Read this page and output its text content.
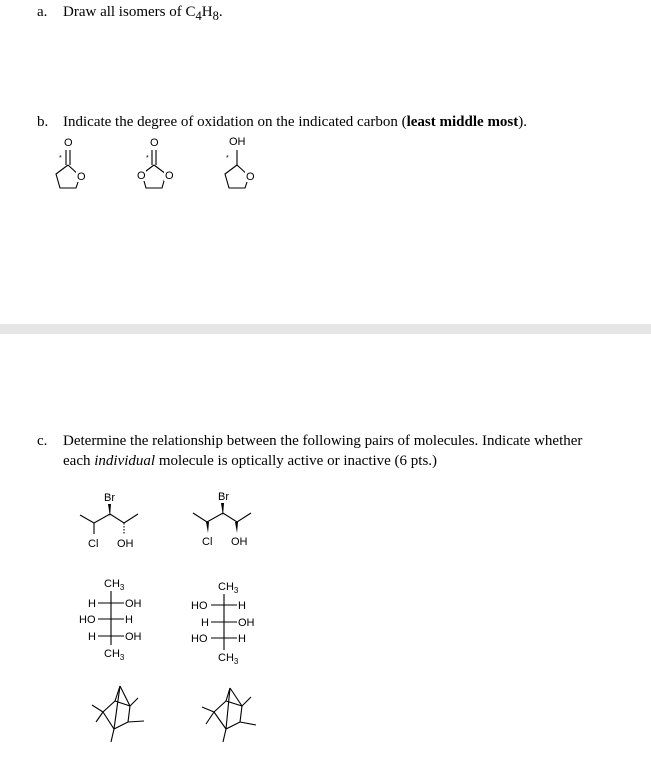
a. Draw all isomers of $C_4H_8$.
b. Indicate the degree of oxidation on the indicated carbon (least middle most).
O
*
O
O
*
O O
OH
*
O
c. Determine the relationship between the following pairs of molecules. Indicate whether
each individual molecule is optically active or inactive (6 pts.)
Br
Cl OH
Br
Cl OH
$CH_3$
H	OH
HO	H
H	OH
$CH_3$
$CH_3$
HO	H
H	OH
HO	H
$CH_3$
